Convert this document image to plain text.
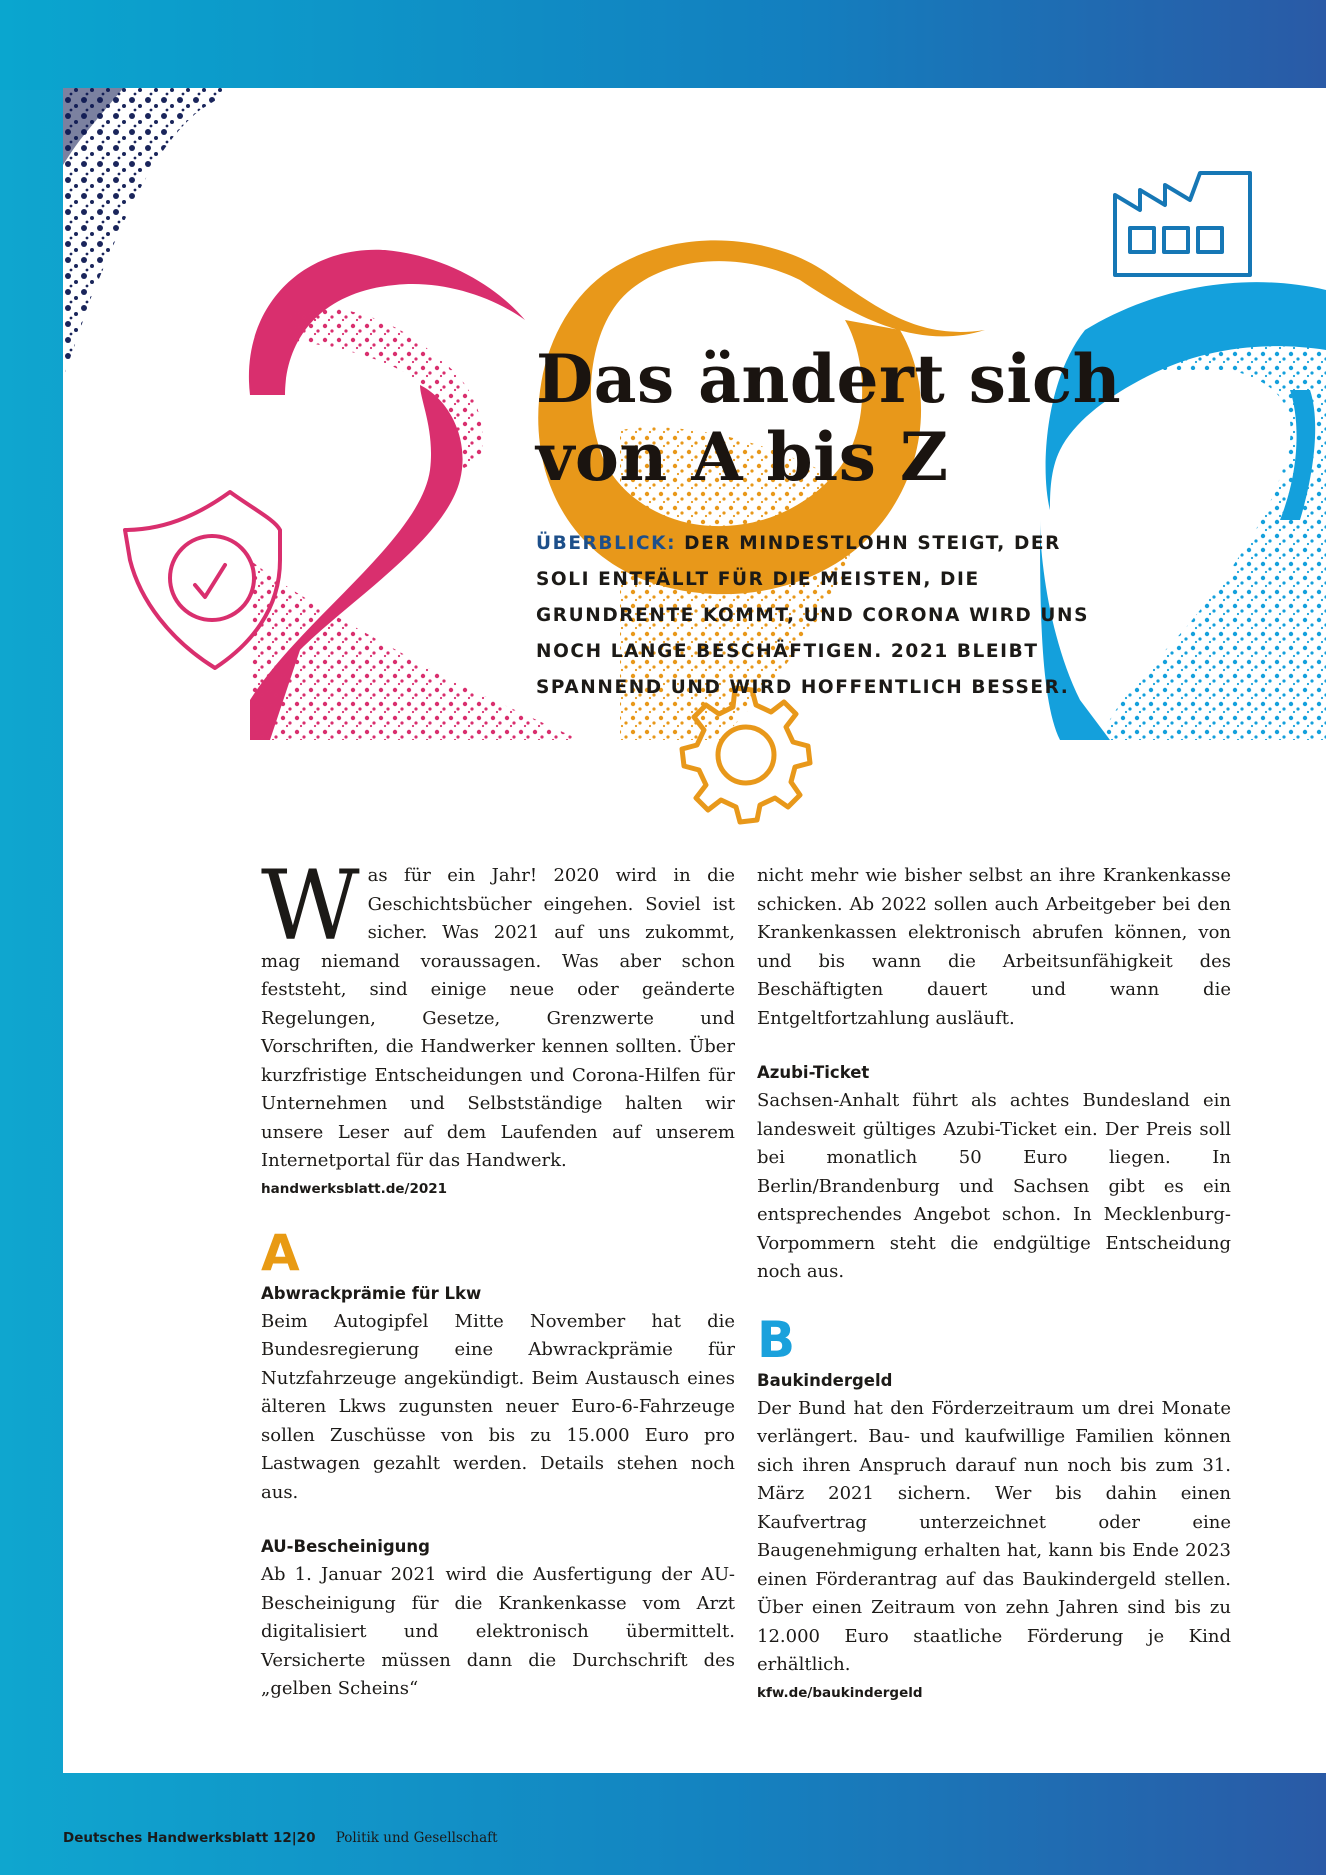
Das ändert sich
von A bis Z
ÜBERBLICK: DER MINDESTLOHN STEIGT, DER SOLI ENTFÄLLT FÜR DIE MEISTEN, DIE GRUNDRENTE KOMMT, UND CORONA WIRD UNS NOCH LANGE BESCHÄFTIGEN. 2021 BLEIBT SPANNEND UND WIRD HOFFENTLICH BESSER.

Was für ein Jahr! 2020 wird in die Geschichtsbücher eingehen. Soviel ist sicher. Was 2021 auf uns zukommt, mag niemand voraussagen. Was aber schon feststeht, sind einige neue oder geänderte Regelungen, Gesetze, Grenzwerte und Vorschriften, die Handwerker kennen sollten. Über kurzfristige Entscheidungen und Corona-Hilfen für Unternehmen und Selbstständige halten wir unsere Leser auf dem Laufenden auf unserem Internetportal für das Handwerk.

handwerksblatt.de/2021
A
Abwrackprämie für Lkw

Beim Autogipfel Mitte November hat die Bundesregierung eine Abwrackprämie für Nutzfahrzeuge angekündigt. Beim Austausch eines älteren Lkws zugunsten neuer Euro-6-Fahrzeuge sollen Zuschüsse von bis zu 15.000 Euro pro Lastwagen gezahlt werden. Details stehen noch aus.

AU-Bescheinigung

Ab 1. Januar 2021 wird die Ausfertigung der AU-Bescheinigung für die Krankenkasse vom Arzt digitalisiert und elektronisch übermittelt. Versicherte müssen dann die Durchschrift des „gelben Scheins“

nicht mehr wie bisher selbst an ihre Krankenkasse schicken. Ab 2022 sollen auch Arbeitgeber bei den Krankenkassen elektronisch abrufen können, von und bis wann die Arbeitsunfähigkeit des Beschäftigten dauert und wann die Entgeltfortzahlung ausläuft.

Azubi-Ticket

Sachsen-Anhalt führt als achtes Bundesland ein landesweit gültiges Azubi-Ticket ein. Der Preis soll bei monatlich 50 Euro liegen. In Berlin/Brandenburg und Sachsen gibt es ein entsprechendes Angebot schon. In Mecklenburg-Vorpommern steht die endgültige Entscheidung noch aus.

B
Baukindergeld

Der Bund hat den Förderzeitraum um drei Monate verlängert. Bau- und kaufwillige Familien können sich ihren Anspruch darauf nun noch bis zum 31. März 2021 sichern. Wer bis dahin einen Kaufvertrag unterzeichnet oder eine Baugenehmigung erhalten hat, kann bis Ende 2023 einen Förderantrag auf das Baukindergeld stellen. Über einen Zeitraum von zehn Jahren sind bis zu 12.000 Euro staatliche Förderung je Kind erhältlich.

kfw.de/baukindergeld
Deutsches Handwerksblatt 12|20 Politik und Gesellschaft
